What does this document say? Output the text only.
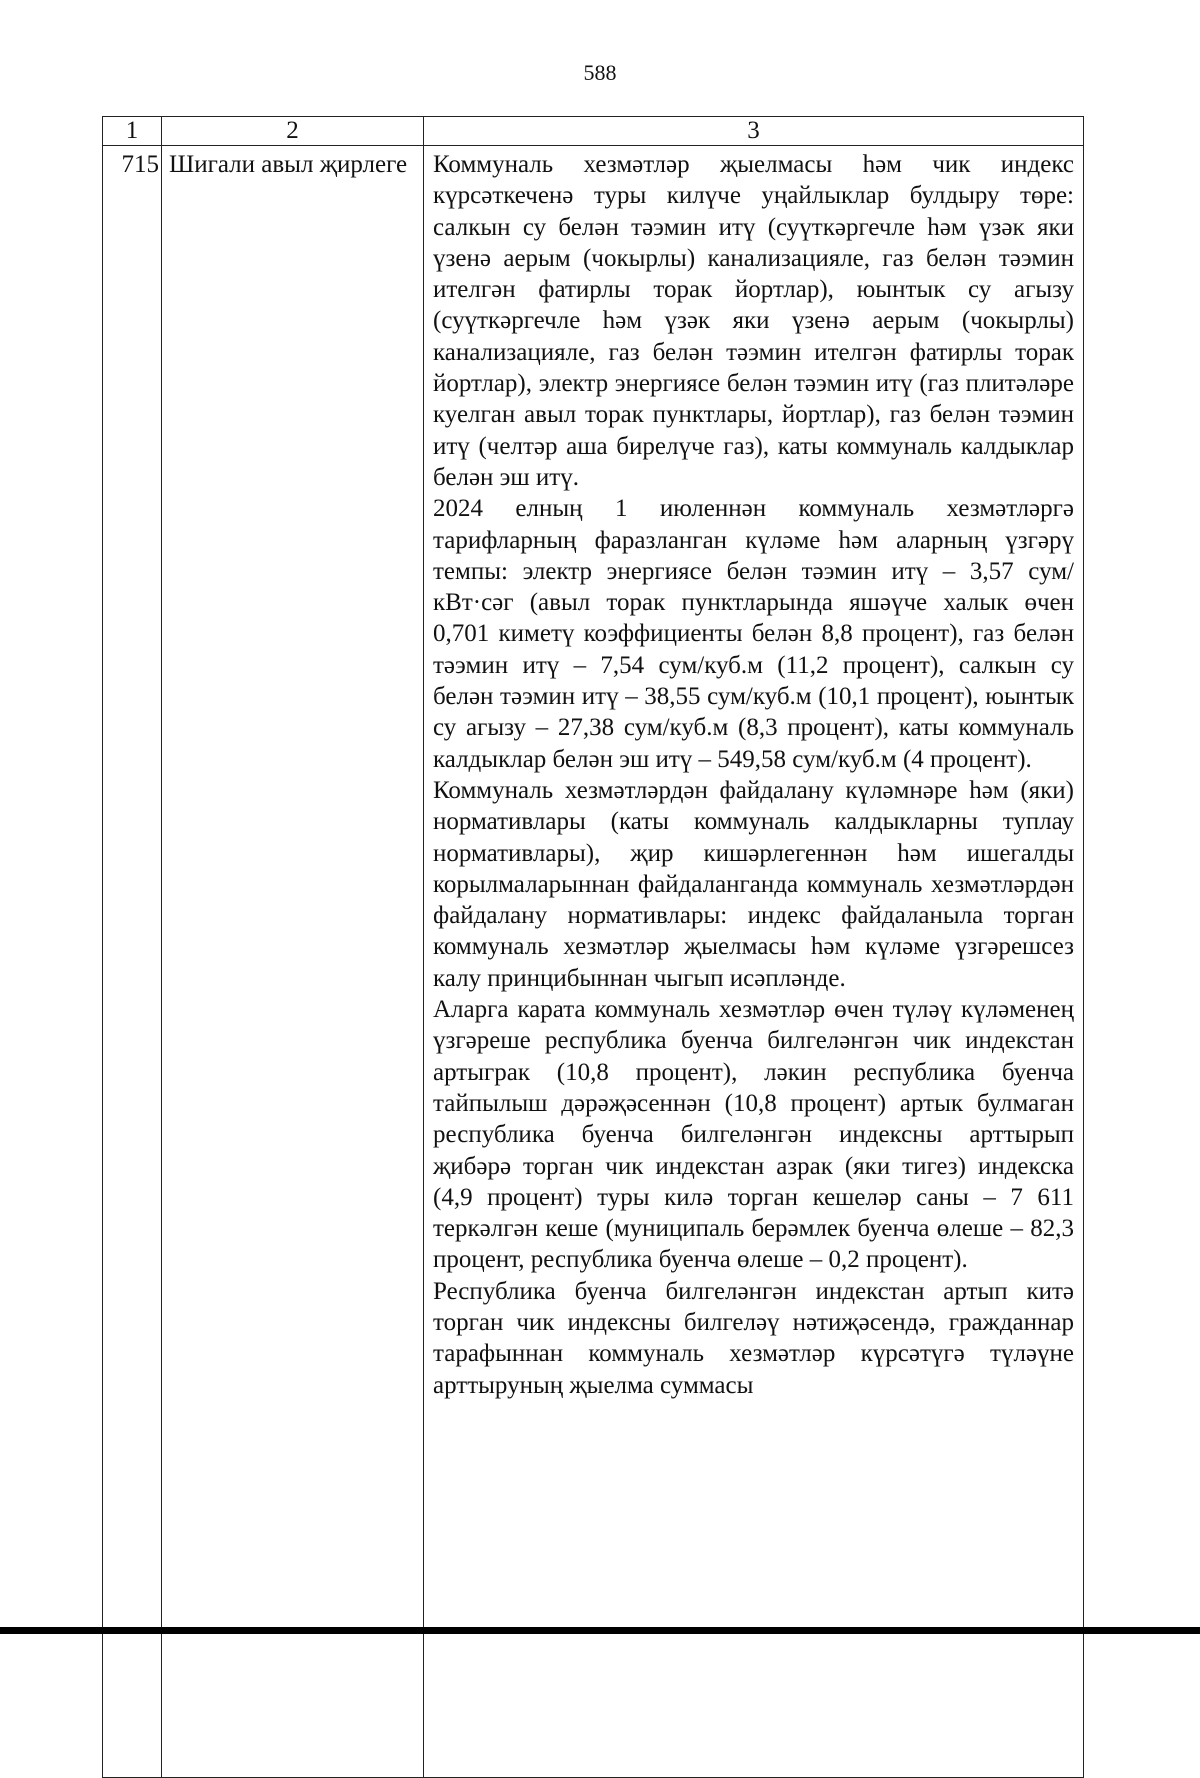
588
1	2	3
715	Шигали авыл җирлеге	Коммуналь хезмәтләр җыелмасы һәм чик индекс күрсәткеченә туры килүче уңайлыклар булдыру төре: салкын су белән тәэмин итү (суүткәргечле һәм үзәк яки үзенә аерым (чокырлы) канализацияле, газ белән тәэмин ителгән фатирлы торак йортлар), юынтык су агызу (суүткәргечле һәм үзәк яки үзенә аерым (чокырлы) канализацияле, газ белән тәэмин ителгән фатирлы торак йортлар), электр энергиясе белән тәэмин итү (газ плитәләре куелган авыл торак пунктлары, йортлар), газ белән тәэмин итү (челтәр аша бирелүче газ), каты коммуналь калдыклар белән эш итү.

2024 елның 1 июленнән коммуналь хезмәтләргә тарифларның фаразланган күләме һәм аларның үзгәрү темпы: электр энергиясе белән тәэмин итү – 3,57 сум/кВт·сәг (авыл торак пунктларында яшәүче халык өчен 0,701 киметү коэффициенты белән 8,8 процент), газ белән тәэмин итү – 7,54 сум/куб.м (11,2 процент), салкын су белән тәэмин итү – 38,55 сум/куб.м (10,1 процент), юынтык су агызу – 27,38 сум/куб.м (8,3 процент), каты коммуналь калдыклар белән эш итү – 549,58 сум/куб.м (4 процент).

Коммуналь хезмәтләрдән файдалану күләмнәре һәм (яки) нормативлары (каты коммуналь калдыкларны туплау нормативлары), җир кишәрлегеннән һәм ишегалды корылмаларыннан файдаланганда коммуналь хезмәтләрдән файдалану нормативлары: индекс файдаланыла торган коммуналь хезмәтләр җыелмасы һәм күләме үзгәрешсез калу принцибыннан чыгып исәпләнде.

Аларга карата коммуналь хезмәтләр өчен түләү күләменең үзгәреше республика буенча билгеләнгән чик индекстан артыграк (10,8 процент), ләкин республика буенча тайпылыш дәрәҗәсеннән (10,8 процент) артык булмаган республика буенча билгеләнгән индексны арттырып җибәрә торган чик индекстан азрак (яки тигез) индекска (4,9 процент) туры килә торган кешеләр саны – 7 611 теркәлгән кеше (муниципаль берәмлек буенча өлеше – 82,3 процент, республика буенча өлеше – 0,2 процент).

Республика буенча билгеләнгән индекстан артып китә торган чик индексны билгеләү нәтиҗәсендә, гражданнар тарафыннан коммуналь хезмәтләр күрсәтүгә түләүне арттыруның җыелма суммасы
